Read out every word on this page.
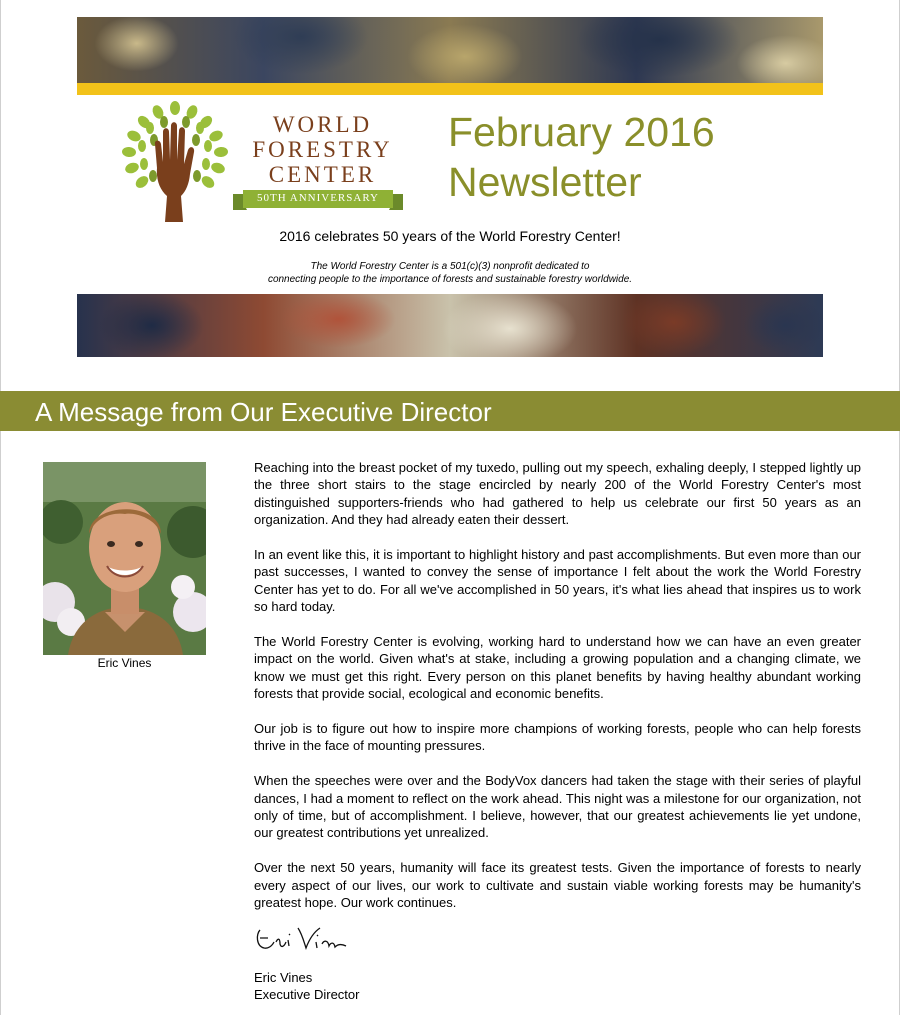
WORLD
FORESTRY
CENTER
50TH ANNIVERSARY
February 2016
Newsletter
2016 celebrates 50 years of the World Forestry Center!
The World Forestry Center is a 501(c)(3) nonprofit dedicated to
connecting people to the importance of forests and sustainable forestry worldwide.
A Message from Our Executive Director
Eric Vines

Reaching into the breast pocket of my tuxedo, pulling out my speech, exhaling deeply, I stepped lightly up the three short stairs to the stage encircled by nearly 200 of the World Forestry Center's most distinguished supporters-friends who had gathered to help us celebrate our first 50 years as an organization. And they had already eaten their dessert.

In an event like this, it is important to highlight history and past accomplishments. But even more than our past successes, I wanted to convey the sense of importance I felt about the work the World Forestry Center has yet to do. For all we've accomplished in 50 years, it's what lies ahead that inspires us to work so hard today.

The World Forestry Center is evolving, working hard to understand how we can have an even greater impact on the world. Given what's at stake, including a growing population and a changing climate, we know we must get this right. Every person on this planet benefits by having healthy abundant working forests that provide social, ecological and economic benefits.

Our job is to figure out how to inspire more champions of working forests, people who can help forests thrive in the face of mounting pressures.

When the speeches were over and the BodyVox dancers had taken the stage with their series of playful dances, I had a moment to reflect on the work ahead. This night was a milestone for our organization, not only of time, but of accomplishment. I believe, however, that our greatest achievements lie yet undone, our greatest contributions yet unrealized.

Over the next 50 years, humanity will face its greatest tests. Given the importance of forests to nearly every aspect of our lives, our work to cultivate and sustain viable working forests may be humanity's greatest hope. Our work continues.

Eric Vines
Executive Director
